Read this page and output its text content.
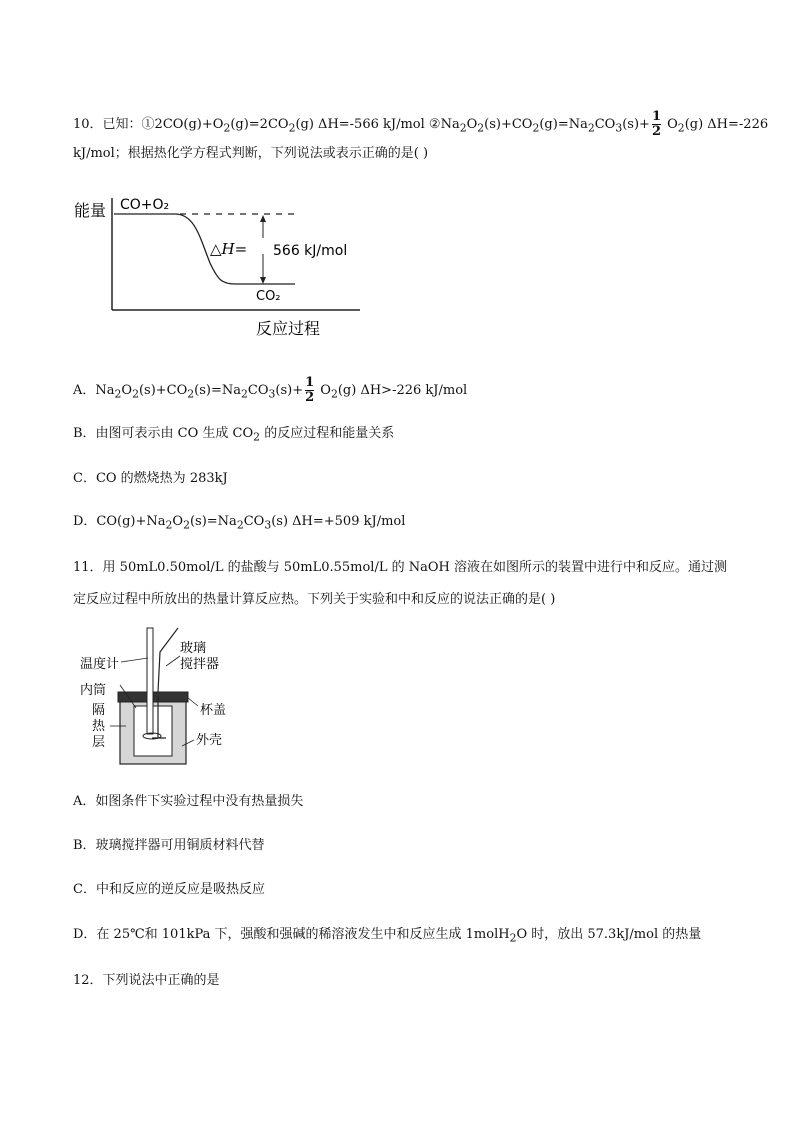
10．已知：$①2CO(g)+O_2(g)=2CO_2(g)$ ΔH=-566 kJ/mol $②Na_2O_2(s)+CO_2(g)=Na_2CO_3(s)+ \frac{1}{2} O_2(g)$ ΔH=-226
kJ/mol；根据热化学方程式判断，下列说法或表示正确的是( )
能量
反应过程
CO+O₂
△H= 566 kJ/mol
CO₂
A．$Na_2O_2(s)+CO_2(s)=Na_2CO_3(s)+ \frac{1}{2} O_2(g)$ ΔH>-226 kJ/mol
B．由图可表示由 CO 生成 $CO_2$ 的反应过程和能量关系
C．CO 的燃烧热为 283kJ
D．$CO(g)+Na_2O_2(s)=Na_2CO_3(s)$ ΔH=+509 kJ/mol
11．用 50mL0.50mol/L 的盐酸与 50mL0.55mol/L 的 NaOH 溶液在如图所示的装置中进行中和反应。通过测
定反应过程中所放出的热量计算反应热。下列关于实验和中和反应的说法正确的是( )
温度计
玻璃
搅拌器
内筒
杯盖
隔
热
层	外壳
A．如图条件下实验过程中没有热量损失
B．玻璃搅拌器可用铜质材料代替
C．中和反应的逆反应是吸热反应
D．在 25℃和 101kPa 下，强酸和强碱的稀溶液发生中和反应生成 1molH$_2$O 时，放出 57.3kJ/mol 的热量
12．下列说法中正确的是
